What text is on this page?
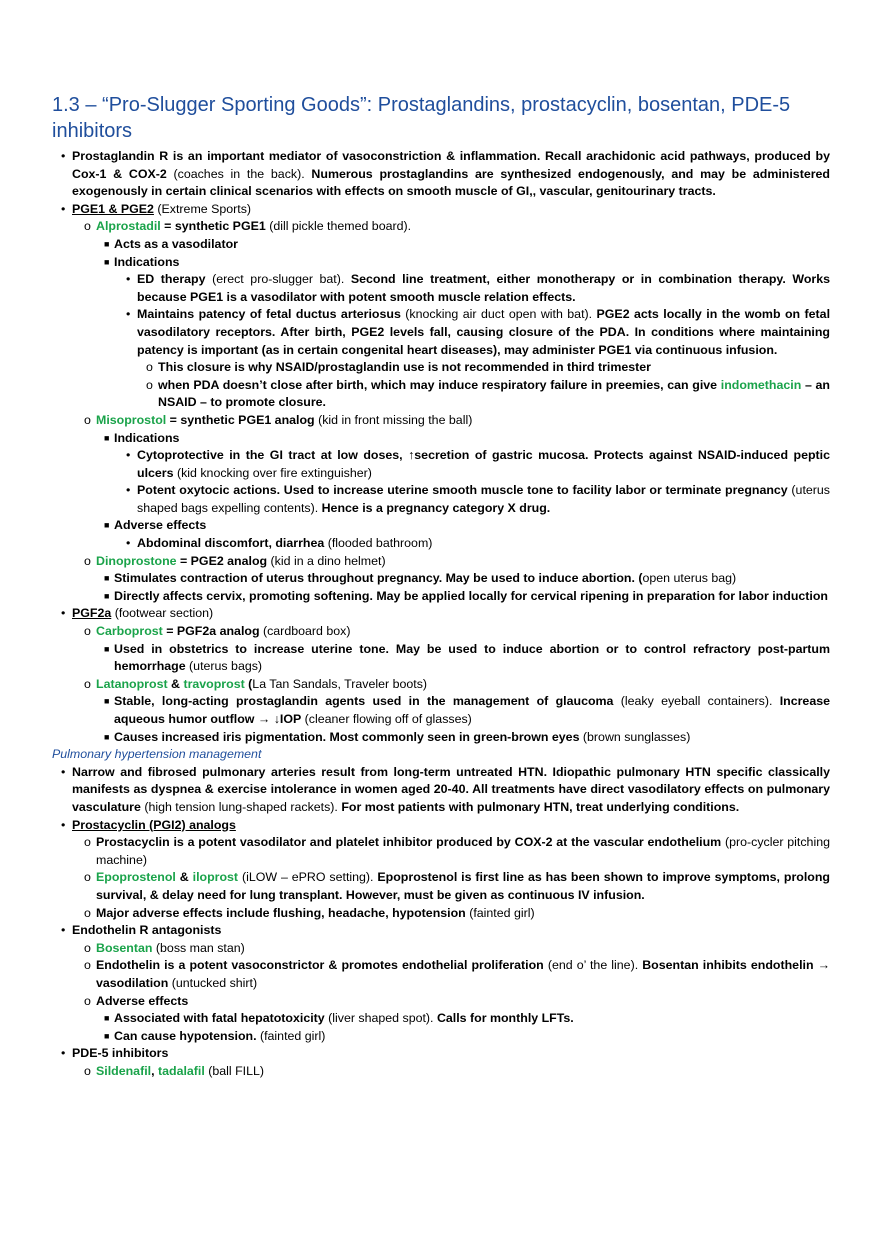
1.3 – “Pro-Slugger Sporting Goods”: Prostaglandins, prostacyclin, bosentan, PDE-5 inhibitors
• Prostaglandin R is an important mediator of vasoconstriction & inflammation. Recall arachidonic acid pathways, produced by Cox-1 & COX-2 (coaches in the back). Numerous prostaglandins are synthesized endogenously, and may be administered exogenously in certain clinical scenarios with effects on smooth muscle of GI,, vascular, genitourinary tracts.
• PGE1 & PGE2 (Extreme Sports)
o Alprostadil = synthetic PGE1 (dill pickle themed board).
■ Acts as a vasodilator
■ Indications
• ED therapy (erect pro-slugger bat). Second line treatment, either monotherapy or in combination therapy. Works because PGE1 is a vasodilator with potent smooth muscle relation effects.
• Maintains patency of fetal ductus arteriosus (knocking air duct open with bat). PGE2 acts locally in the womb on fetal vasodilatory receptors. After birth, PGE2 levels fall, causing closure of the PDA. In conditions where maintaining patency is important (as in certain congenital heart diseases), may administer PGE1 via continuous infusion.
o This closure is why NSAID/prostaglandin use is not recommended in third trimester
o when PDA doesn’t close after birth, which may induce respiratory failure in preemies, can give indomethacin – an NSAID – to promote closure.
o Misoprostol = synthetic PGE1 analog (kid in front missing the ball)
■ Indications
• Cytoprotective in the GI tract at low doses, ↑secretion of gastric mucosa. Protects against NSAID-induced peptic ulcers (kid knocking over fire extinguisher)
• Potent oxytocic actions. Used to increase uterine smooth muscle tone to facility labor or terminate pregnancy (uterus shaped bags expelling contents). Hence is a pregnancy category X drug.
■ Adverse effects
• Abdominal discomfort, diarrhea (flooded bathroom)
o Dinoprostone = PGE2 analog (kid in a dino helmet)
■ Stimulates contraction of uterus throughout pregnancy. May be used to induce abortion. (open uterus bag)
■ Directly affects cervix, promoting softening. May be applied locally for cervical ripening in preparation for labor induction
• PGF2a (footwear section)
o Carboprost = PGF2a analog (cardboard box)
■ Used in obstetrics to increase uterine tone. May be used to induce abortion or to control refractory post-partum hemorrhage (uterus bags)
o Latanoprost & travoprost (La Tan Sandals, Traveler boots)
■ Stable, long-acting prostaglandin agents used in the management of glaucoma (leaky eyeball containers). Increase aqueous humor outflow → ↓IOP (cleaner flowing off of glasses)
■ Causes increased iris pigmentation. Most commonly seen in green-brown eyes (brown sunglasses)
Pulmonary hypertension management
• Narrow and fibrosed pulmonary arteries result from long-term untreated HTN. Idiopathic pulmonary HTN specific classically manifests as dyspnea & exercise intolerance in women aged 20-40. All treatments have direct vasodilatory effects on pulmonary vasculature (high tension lung-shaped rackets). For most patients with pulmonary HTN, treat underlying conditions.
• Prostacyclin (PGI2) analogs
o Prostacyclin is a potent vasodilator and platelet inhibitor produced by COX-2 at the vascular endothelium (pro-cycler pitching machine)
o Epoprostenol & iloprost (iLOW – ePRO setting). Epoprostenol is first line as has been shown to improve symptoms, prolong survival, & delay need for lung transplant. However, must be given as continuous IV infusion.
o Major adverse effects include flushing, headache, hypotension (fainted girl)
• Endothelin R antagonists
o Bosentan (boss man stan)
o Endothelin is a potent vasoconstrictor & promotes endothelial proliferation (end o’ the line). Bosentan inhibits endothelin → vasodilation (untucked shirt)
o Adverse effects
■ Associated with fatal hepatotoxicity (liver shaped spot). Calls for monthly LFTs.
■ Can cause hypotension. (fainted girl)
• PDE-5 inhibitors
o Sildenafil, tadalafil (ball FILL)
